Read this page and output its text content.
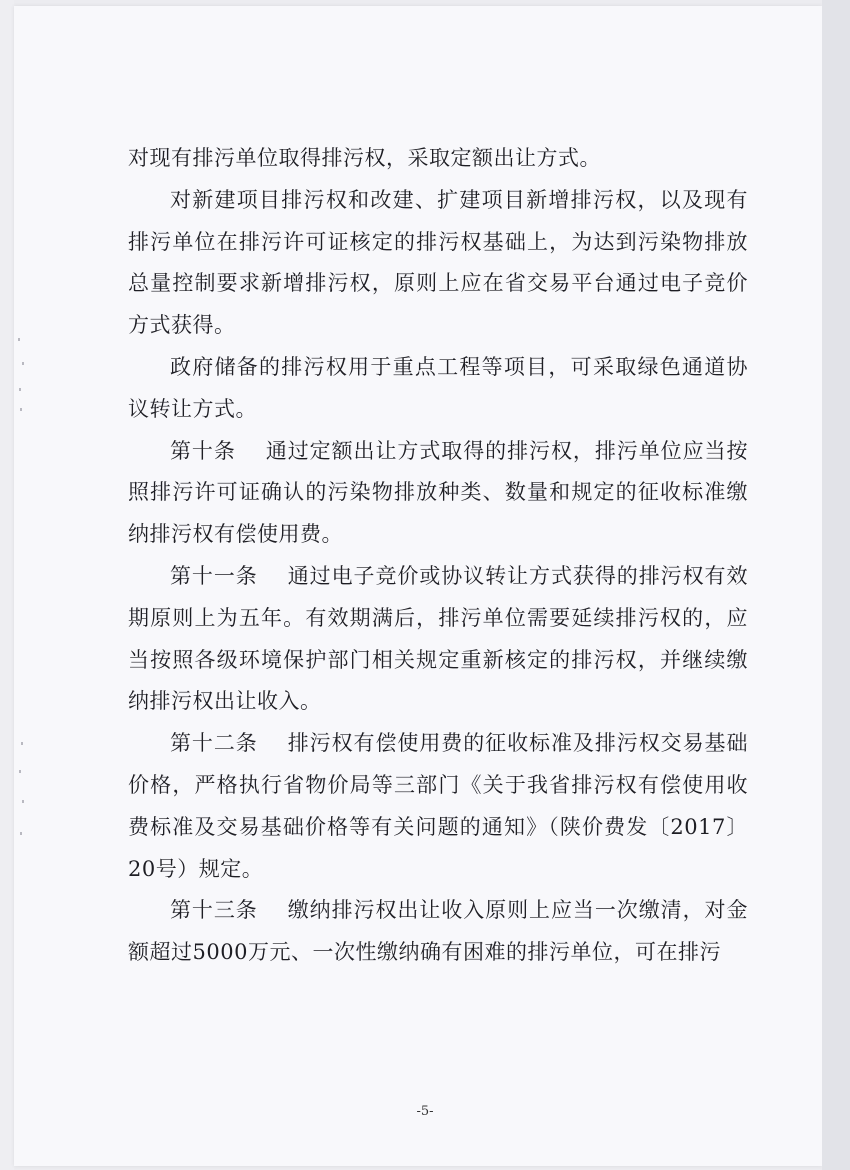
对现有排污单位取得排污权，采取定额出让方式。

对新建项目排污权和改建、扩建项目新增排污权，以及现有排污单位在排污许可证核定的排污权基础上，为达到污染物排放总量控制要求新增排污权，原则上应在省交易平台通过电子竞价方式获得。

政府储备的排污权用于重点工程等项目，可采取绿色通道协议转让方式。

第十条 通过定额出让方式取得的排污权，排污单位应当按照排污许可证确认的污染物排放种类、数量和规定的征收标准缴纳排污权有偿使用费。

第十一条 通过电子竞价或协议转让方式获得的排污权有效期原则上为五年。有效期满后，排污单位需要延续排污权的，应当按照各级环境保护部门相关规定重新核定的排污权，并继续缴纳排污权出让收入。

第十二条 排污权有偿使用费的征收标准及排污权交易基础价格，严格执行省物价局等三部门《关于我省排污权有偿使用收费标准及交易基础价格等有关问题的通知》（陕价费发〔2017〕20号）规定。

第十三条 缴纳排污权出让收入原则上应当一次缴清，对金额超过5000万元、一次性缴纳确有困难的排污单位，可在排污

-5-
